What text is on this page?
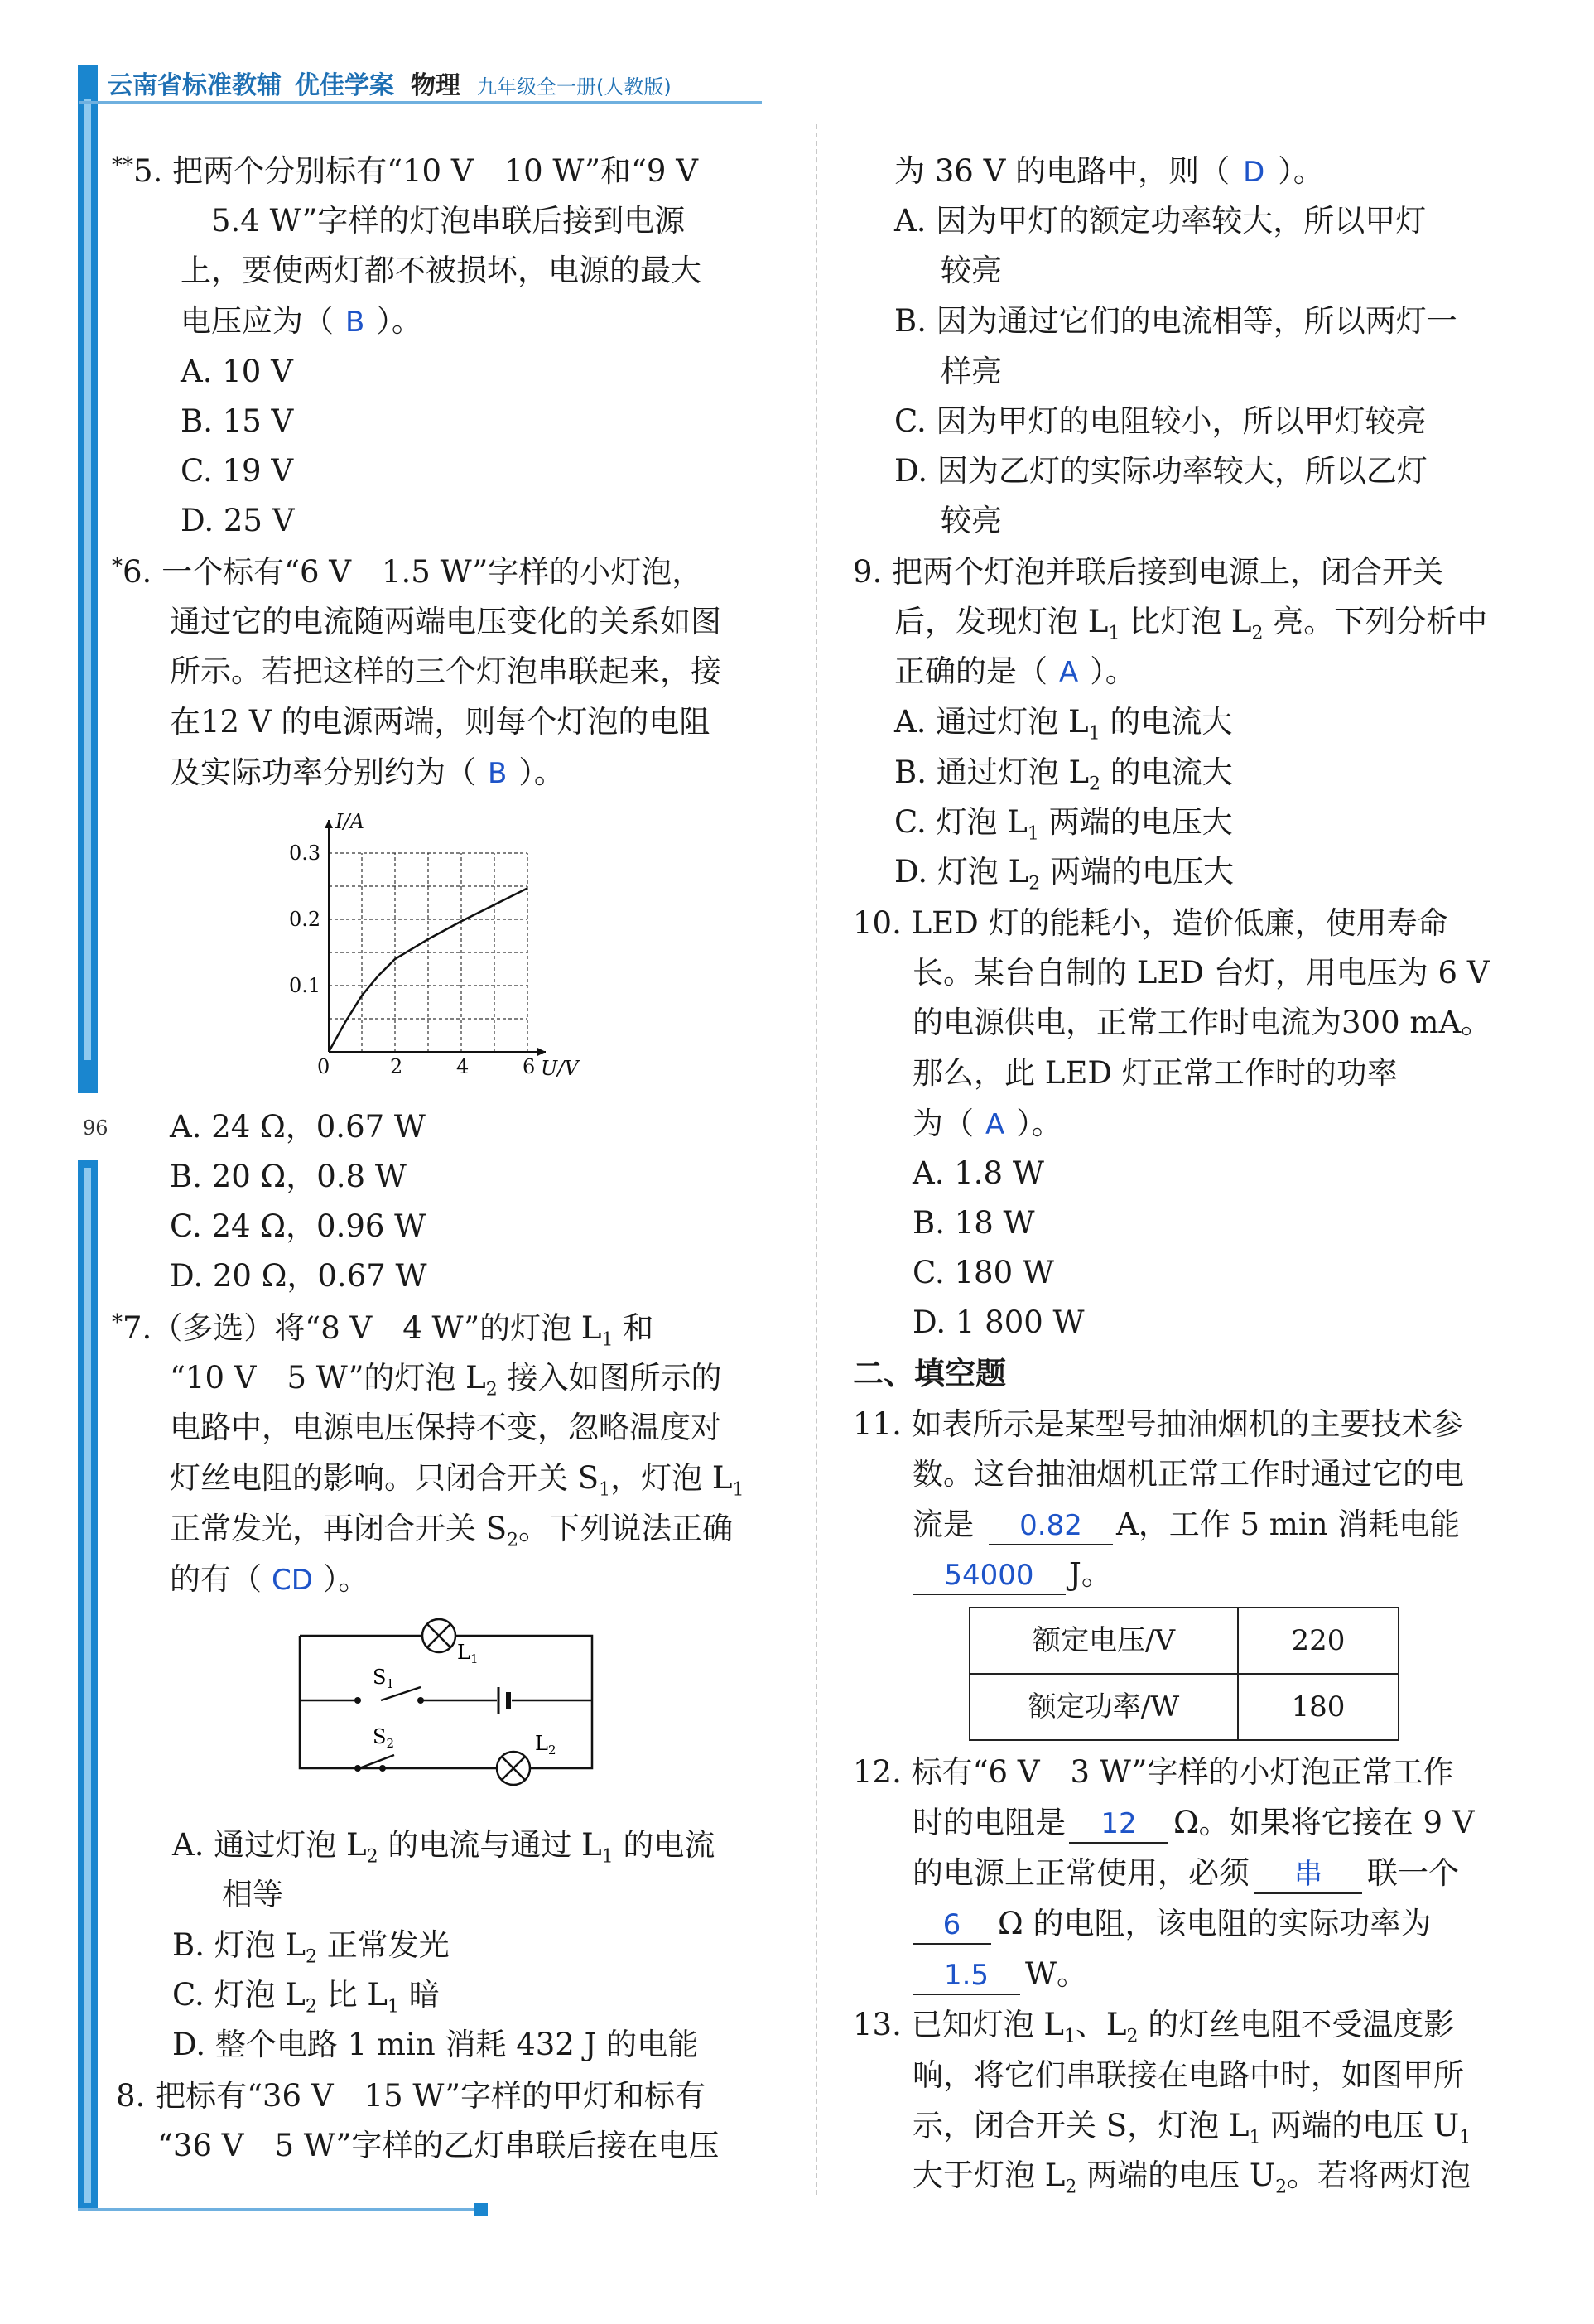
96
云南省标准教辅 优佳学案 物理 九年级全一册(人教版)
**5. 把两个分别标有“10 V　10 W”和“9 V
5.4 W”字样的灯泡串联后接到电源
上，要使两灯都不被损坏，电源的最大
电压应为（ B ）。
A. 10 V
B. 15 V
C. 19 V
D. 25 V
*6. 一个标有“6 V　1.5 W”字样的小灯泡，
通过它的电流随两端电压变化的关系如图
所示。若把这样的三个灯泡串联起来，接
在12 V 的电源两端，则每个灯泡的电阻
及实际功率分别约为（ B ）。
0	2	4	6
0.1
0.2
0.3
I/A
U/V
A. 24 Ω，0.67 W
B. 20 Ω，0.8 W
C. 24 Ω，0.96 W
D. 20 Ω，0.67 W
*7.（多选）将“8 V　4 W”的灯泡 $L_1$ 和
“10 V　5 W”的灯泡 $L_2$ 接入如图所示的
电路中，电源电压保持不变，忽略温度对
灯丝电阻的影响。只闭合开关 $S_1$，灯泡 $L_1$
正常发光，再闭合开关 $S_2$。下列说法正确
的有（ CD ）。
$L_1$
$S_1$
$S_2$	$L_2$
A. 通过灯泡 $L_2$ 的电流与通过 $L_1$ 的电流
相等
B. 灯泡 $L_2$ 正常发光
C. 灯泡 $L_2$ 比 $L_1$ 暗
D. 整个电路 1 min 消耗 432 J 的电能
8. 把标有“36 V　15 W”字样的甲灯和标有
“36 V　5 W”字样的乙灯串联后接在电压
为 36 V 的电路中，则（ D ）。
A. 因为甲灯的额定功率较大，所以甲灯
较亮
B. 因为通过它们的电流相等，所以两灯一
样亮
C. 因为甲灯的电阻较小，所以甲灯较亮
D. 因为乙灯的实际功率较大，所以乙灯
较亮
9. 把两个灯泡并联后接到电源上，闭合开关
后，发现灯泡 $L_1$ 比灯泡 $L_2$ 亮。下列分析中
正确的是（ A ）。
A. 通过灯泡 $L_1$ 的电流大
B. 通过灯泡 $L_2$ 的电流大
C. 灯泡 $L_1$ 两端的电压大
D. 灯泡 $L_2$ 两端的电压大
10. LED 灯的能耗小，造价低廉，使用寿命
长。某台自制的 LED 台灯，用电压为 6 V
的电源供电，正常工作时电流为300 mA。
那么，此 LED 灯正常工作时的功率
为（ A ）。
A. 1.8 W
B. 18 W
C. 180 W
D. 1 800 W
二、填空题
11. 如表所示是某型号抽油烟机的主要技术参
数。这台抽油烟机正常工作时通过它的电
流是 0.82 A，工作 5 min 消耗电能
54000 J。
额定电压/V	220
额定功率/W	180
12. 标有“6 V　3 W”字样的小灯泡正常工作
时的电阻是 12 Ω。如果将它接在 9 V
的电源上正常使用，必须 串 联一个
6 Ω 的电阻，该电阻的实际功率为
1.5 W。
13. 已知灯泡 $L_1$、$L_2$ 的灯丝电阻不受温度影
响，将它们串联接在电路中时，如图甲所
示，闭合开关 S，灯泡 $L_1$ 两端的电压 $U_1$
大于灯泡 $L_2$ 两端的电压 $U_2$。若将两灯泡
